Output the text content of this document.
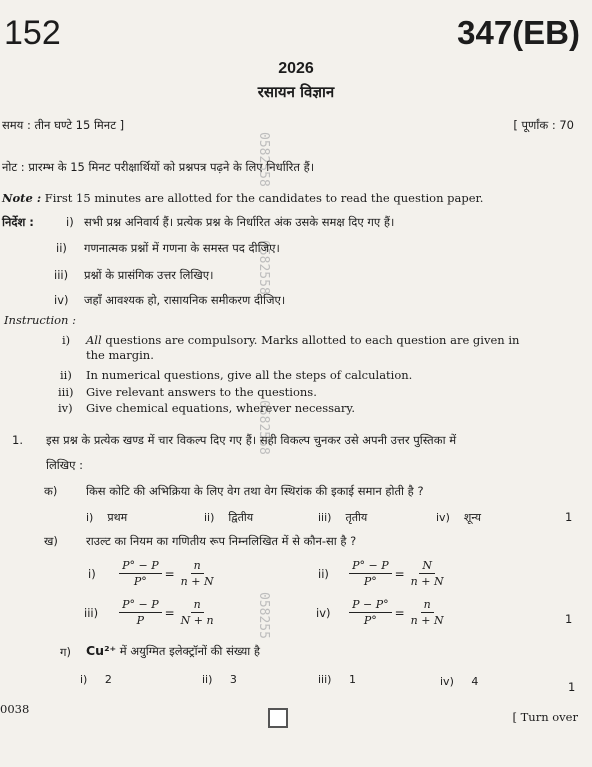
152	347(EB)
2026
रसायन विज्ञान
समय : तीन घण्टे 15 मिनट ]	[ पूर्णांक : 70
0582558
0582558
0582558
058255
नोट : प्रारम्भ के 15 मिनट परीक्षार्थियों को प्रश्नपत्र पढ़ने के लिए निर्धारित हैं।
Note : First 15 minutes are allotted for the candidates to read the question paper.
निर्देश :	i) सभी प्रश्न अनिवार्य हैं। प्रत्येक प्रश्न के निर्धारित अंक उसके समक्ष दिए गए हैं।
ii) गणनात्मक प्रश्नों में गणना के समस्त पद दीजिए।
iii) प्रश्नों के प्रासंगिक उत्तर लिखिए।
iv) जहाँ आवश्यक हो, रासायनिक समीकरण दीजिए।
Instruction :
i) All questions are compulsory. Marks allotted to each question are given in
the margin.
ii) In numerical questions, give all the steps of calculation.
iii) Give relevant answers to the questions.
iv) Give chemical equations, wherever necessary.
1. इस प्रश्न के प्रत्येक खण्ड में चार विकल्प दिए गए हैं। सही विकल्प चुनकर उसे अपनी उत्तर पुस्तिका में
लिखिए :
क) किस कोटि की अभिक्रिया के लिए वेग तथा वेग स्थिरांक की इकाई समान होती है ?
i) प्रथम	ii) द्वितीय	iii) तृतीय	iv) शून्य	1
ख) राउल्ट का नियम का गणितीय रूप निम्नलिखित में से कौन-सा है ?
$i) \frac{P^\circ - P}{P^\circ} = \frac{n}{n + N}$	$ii) \frac{P^\circ - P}{P^\circ} = \frac{N}{n + N}$
$iii) \frac{P^\circ - P}{P} = \frac{n}{N + n}$	$iv) \frac{P - P^\circ}{P^\circ} = \frac{n}{n + N}$	1
ग) Cu²⁺ में अयुग्मित इलेक्ट्रॉनों की संख्या है
i) 2	ii) 3	iii) 1	iv) 4	1
0038
[ Turn over
